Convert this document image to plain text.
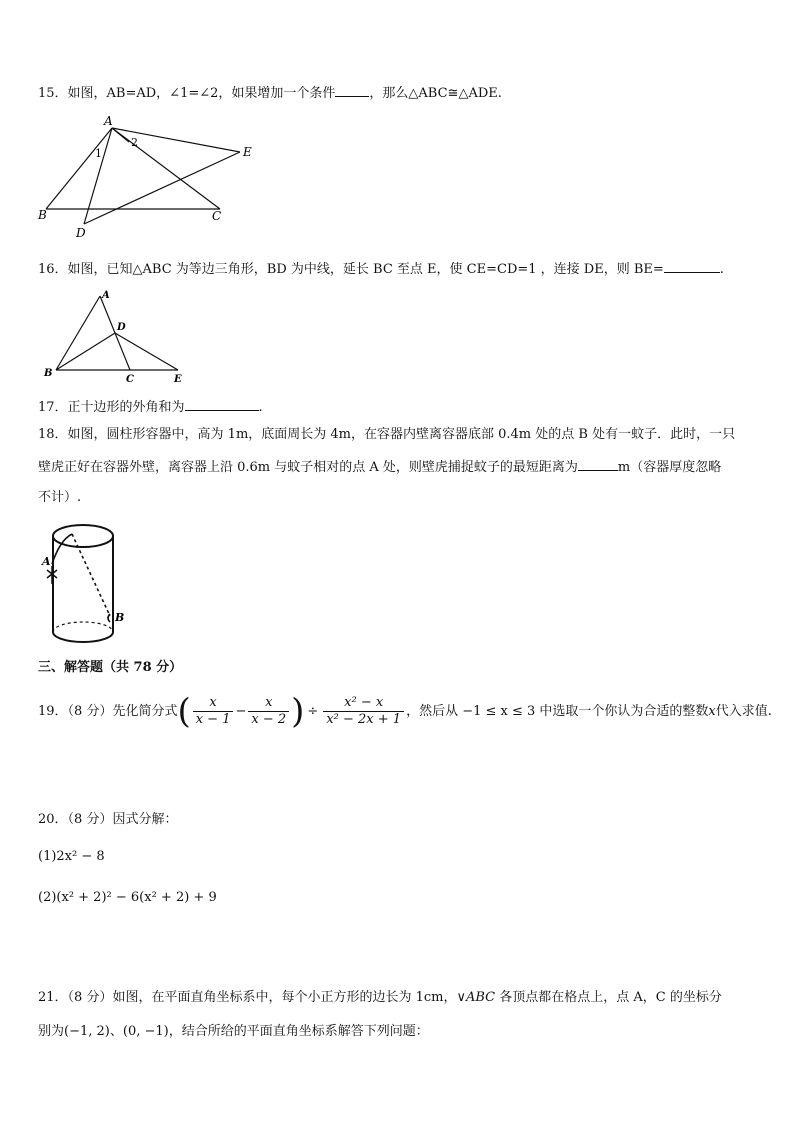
15．如图，AB=AD，∠1=∠2，如果增加一个条件	，那么△ABC≅△ADE.
A
B	C
D
E
1
2
16．如图，已知△ABC 为等边三角形，BD 为中线，延长 BC 至点 E，使 CE=CD=1 ，连接 DE，则 BE=	.
A
B
C
D
E
17．正十边形的外角和为	.
18．如图，圆柱形容器中，高为 1m，底面周长为 4m，在容器内壁离容器底部 0.4m 处的点 B 处有一蚊子．此时，一只
壁虎正好在容器外壁，离容器上沿 0.6m 与蚊子相对的点 A 处，则壁虎捕捉蚊子的最短距离为	m（容器厚度忽略
不计）.
A
B
三、解答题（共 78 分）
19．（8 分）先化简分式( $\frac{x}{x - 1} - \frac{x}{x - 2}$ ) ÷ $\frac{\text{x² − x}}{\text{x² − 2x + 1}}$ ，然后从 −1 ≤ x ≤ 3 中选取一个你认为合适的整数x代入求值.
20．（8 分）因式分解：
(1)2x² − 8
(2)(x² + 2)² − 6(x² + 2) + 9
21．（8 分）如图，在平面直角坐标系中，每个小正方形的边长为 1cm，∨ABC 各顶点都在格点上，点 A，C 的坐标分
别为(−1, 2)、(0, −1)，结合所给的平面直角坐标系解答下列问题：
